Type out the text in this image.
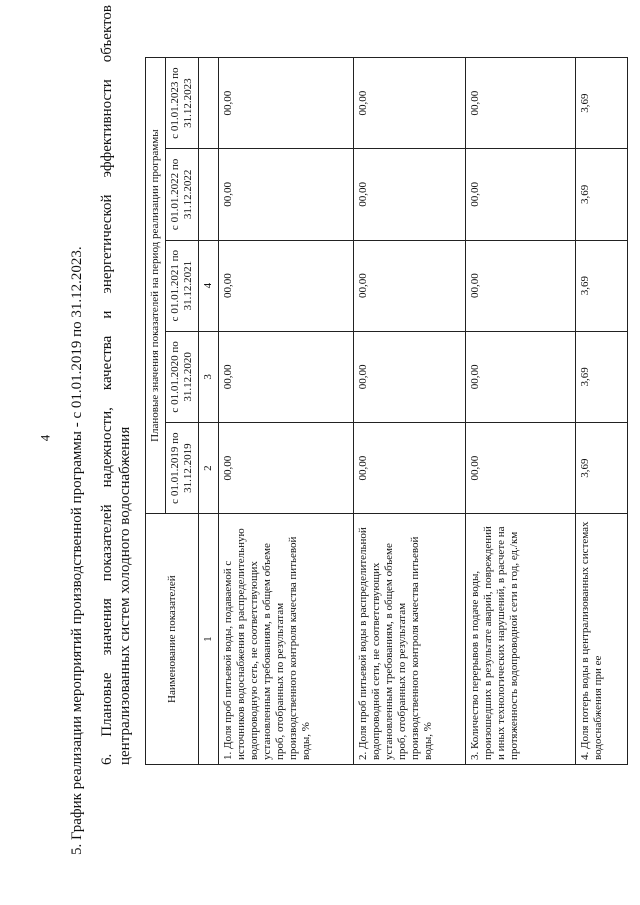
4 5. График реализации мероприятий производственной программы - с 01.01.2019 по 31.12.2023. 6. Плановые значения показателей надежности, качества и энергетической эффективности объектов централизованных систем холодного водоснабжения	Наименование показателей	Плановые значения показателей на период реализации программы				
	с 01.01.2019 по 31.12.2019	с 01.01.2020 по 31.12.2020	с 01.01.2021 по 31.12.2021	с 01.01.2022 по 31.12.2022	с 01.01.2023 по 31.12.2023
1	2	3	4		
1. Доля проб питьевой воды, подаваемой с источников водоснабжения в распределительную водопроводную сеть, не соответствующих установленным требованиям, в общем объеме проб, отобранных по результатам производственного контроля качества питьевой воды, %	00,00	00,00	00,00	00,00	00,00
2. Доля проб питьевой воды в распределительной водопроводной сети, не соответствующих установленным требованиям, в общем объеме проб, отобранных по результатам производственного контроля качества питьевой воды, %	00,00	00,00	00,00	00,00	00,00
3. Количество перерывов в подаче воды, произошедших в результате аварий, повреждений и иных технологических нарушений, в расчете на протяженность водопроводной сети в год, ед./км	00,00	00,00	00,00	00,00	00,00
4. Доля потерь воды в централизованных системах водоснабжения при ее	3,69	3,69	3,69	3,69	3,69
